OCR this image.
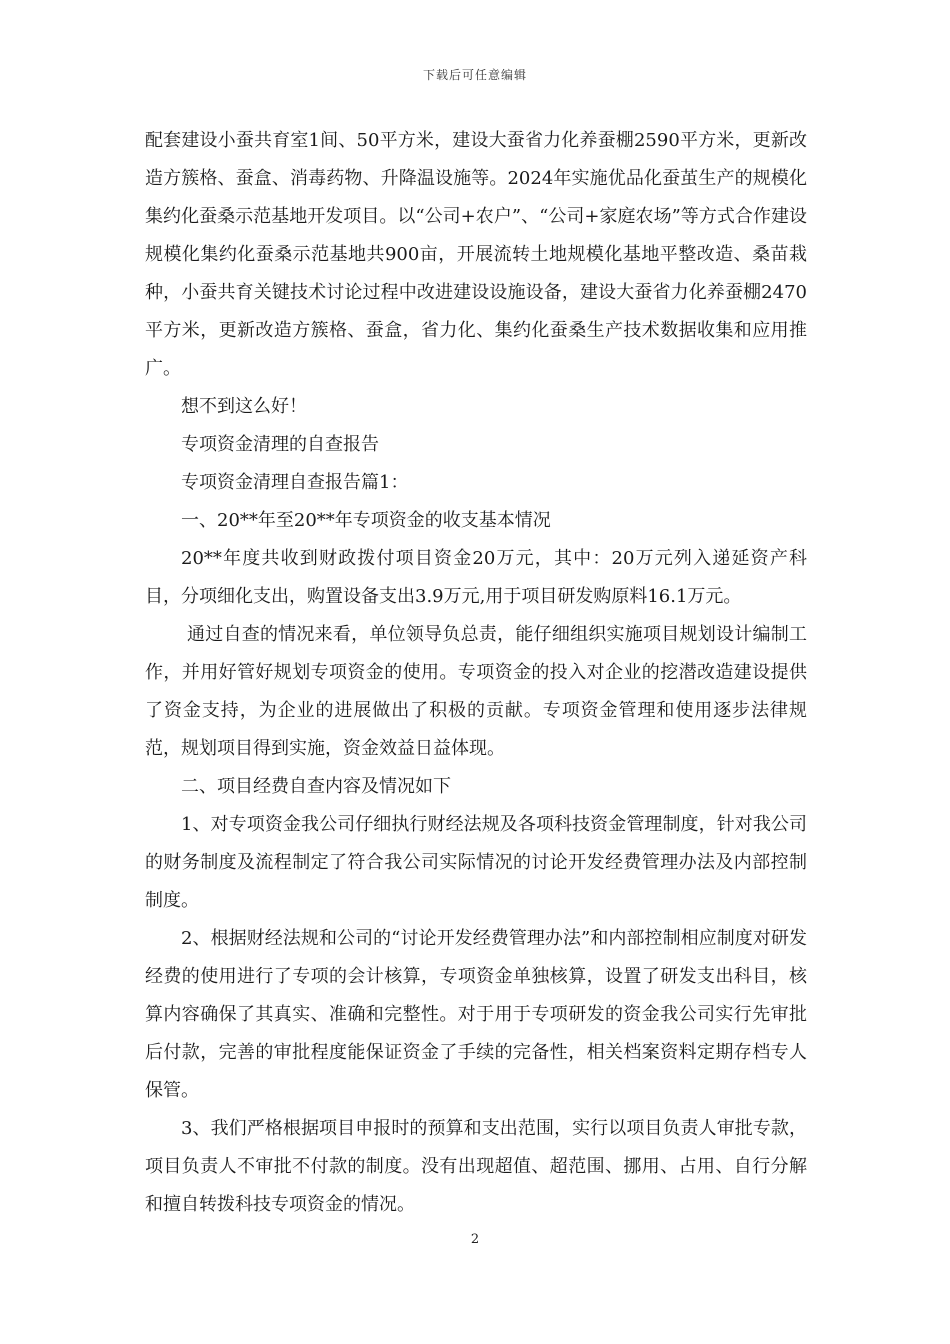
下载后可任意编辑

配套建设小蚕共育室1间、50平方米，建设大蚕省力化养蚕棚2590平方米，更新改造方簇格、蚕盒、消毒药物、升降温设施等。2024年实施优品化蚕茧生产的规模化集约化蚕桑示范基地开发项目。以“公司+农户”、“公司+家庭农场”等方式合作建设规模化集约化蚕桑示范基地共900亩，开展流转土地规模化基地平整改造、桑苗栽种，小蚕共育关键技术讨论过程中改进建设设施设备，建设大蚕省力化养蚕棚2470平方米，更新改造方簇格、蚕盒，省力化、集约化蚕桑生产技术数据收集和应用推广。

想不到这么好！

专项资金清理的自查报告

专项资金清理自查报告篇1：

一、20**年至20**年专项资金的收支基本情况

20**年度共收到财政拨付项目资金20万元，其中：20万元列入递延资产科目，分项细化支出，购置设备支出3.9万元,用于项目研发购原料16.1万元。

通过自查的情况来看，单位领导负总责，能仔细组织实施项目规划设计编制工作，并用好管好规划专项资金的使用。专项资金的投入对企业的挖潜改造建设提供了资金支持，为企业的进展做出了积极的贡献。专项资金管理和使用逐步法律规范，规划项目得到实施，资金效益日益体现。

二、项目经费自查内容及情况如下

1、对专项资金我公司仔细执行财经法规及各项科技资金管理制度，针对我公司的财务制度及流程制定了符合我公司实际情况的讨论开发经费管理办法及内部控制制度。

2、根据财经法规和公司的“讨论开发经费管理办法”和内部控制相应制度对研发经费的使用进行了专项的会计核算，专项资金单独核算，设置了研发支出科目，核算内容确保了其真实、准确和完整性。对于用于专项研发的资金我公司实行先审批后付款，完善的审批程度能保证资金了手续的完备性，相关档案资料定期存档专人保管。

3、我们严格根据项目申报时的预算和支出范围，实行以项目负责人审批专款，项目负责人不审批不付款的制度。没有出现超值、超范围、挪用、占用、自行分解和擅自转拨科技专项资金的情况。

2
